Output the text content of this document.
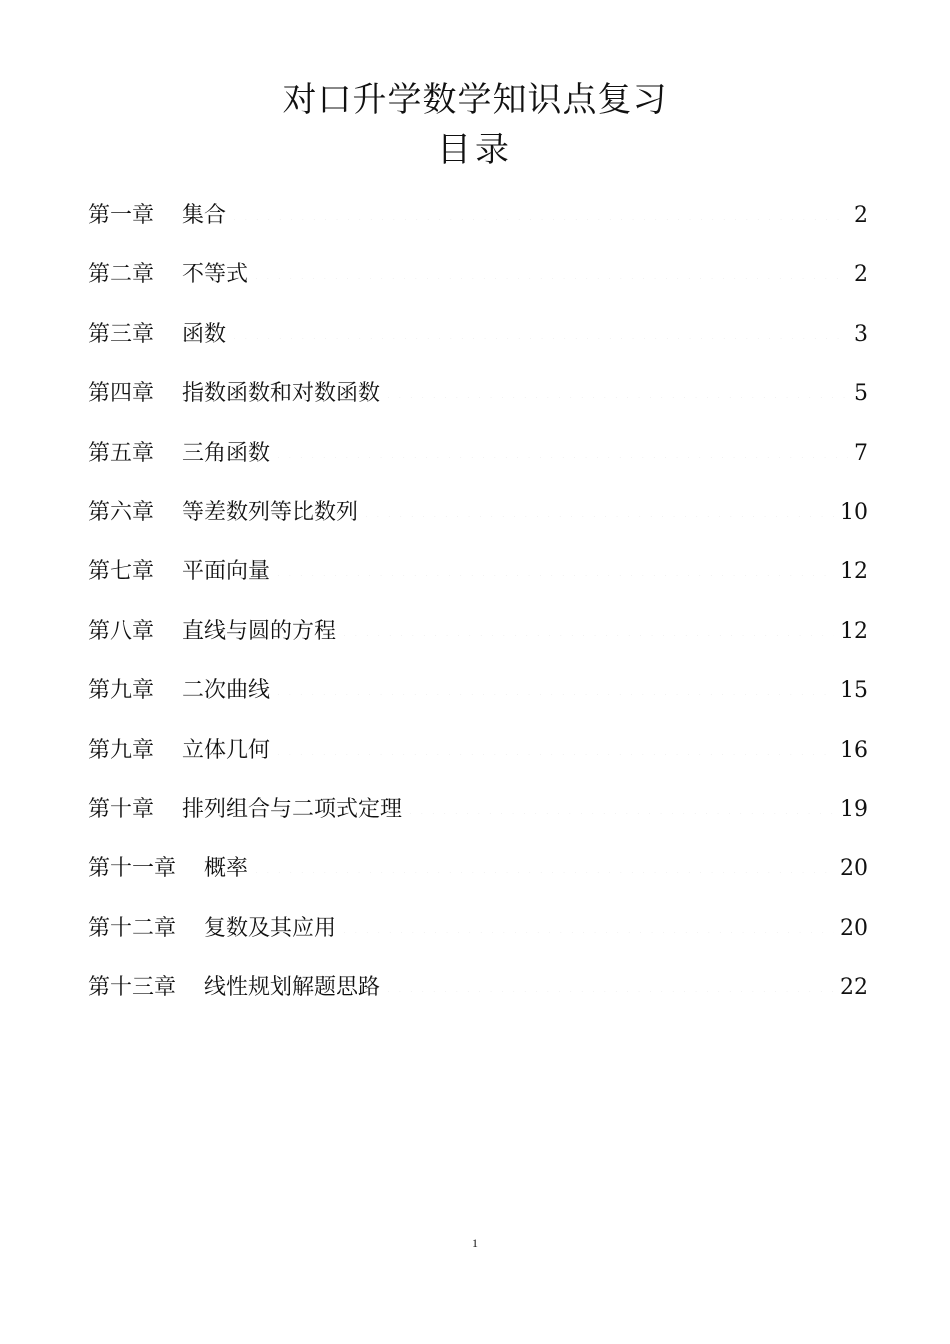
对口升学数学知识点复习
目录
第一章 集合 .....	2
第二章 不等式 .....	2
第三章 函数 .....	3
第四章 指数函数和对数函数 .....	5
第五章 三角函数 .....	7
第六章 等差数列等比数列 .....	10
第七章 平面向量 .....	12
第八章 直线与圆的方程 .....	12
第九章 二次曲线 .....	15
第九章 立体几何 .....	16
第十章 排列组合与二项式定理 .....	19
第十一章 概率 .....	20
第十二章 复数及其应用 .....	20
第十三章 线性规划解题思路 .....	22
1
